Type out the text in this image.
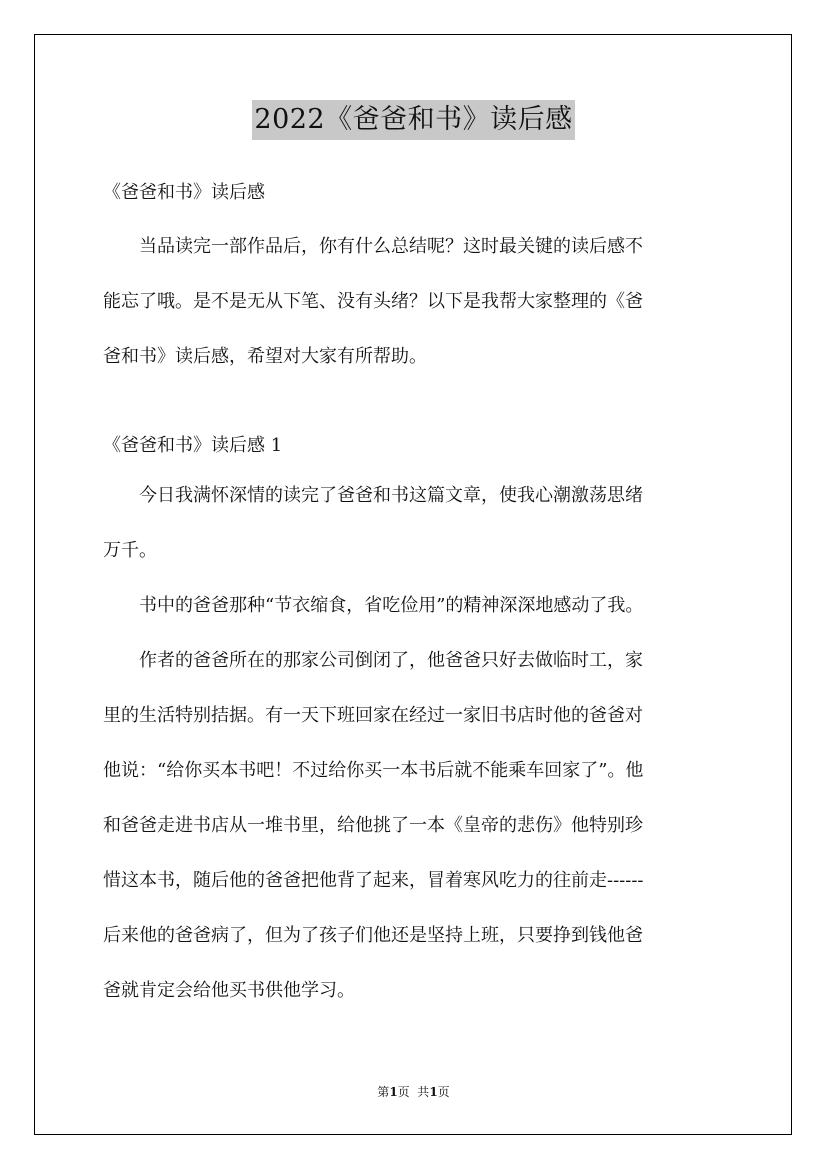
2022《爸爸和书》读后感
《爸爸和书》读后感
当品读完一部作品后，你有什么总结呢？这时最关键的读后感不
能忘了哦。是不是无从下笔、没有头绪？以下是我帮大家整理的《爸
爸和书》读后感，希望对大家有所帮助。
《爸爸和书》读后感 1
今日我满怀深情的读完了爸爸和书这篇文章，使我心潮激荡思绪
万千。
书中的爸爸那种“节衣缩食，省吃俭用”的精神深深地感动了我。
作者的爸爸所在的那家公司倒闭了，他爸爸只好去做临时工，家
里的生活特别拮据。有一天下班回家在经过一家旧书店时他的爸爸对
他说：“给你买本书吧！不过给你买一本书后就不能乘车回家了”。他
和爸爸走进书店从一堆书里，给他挑了一本《皇帝的悲伤》他特别珍
惜这本书，随后他的爸爸把他背了起来，冒着寒风吃力的往前走------
后来他的爸爸病了，但为了孩子们他还是坚持上班，只要挣到钱他爸
爸就肯定会给他买书供他学习。
第1页  共1页
